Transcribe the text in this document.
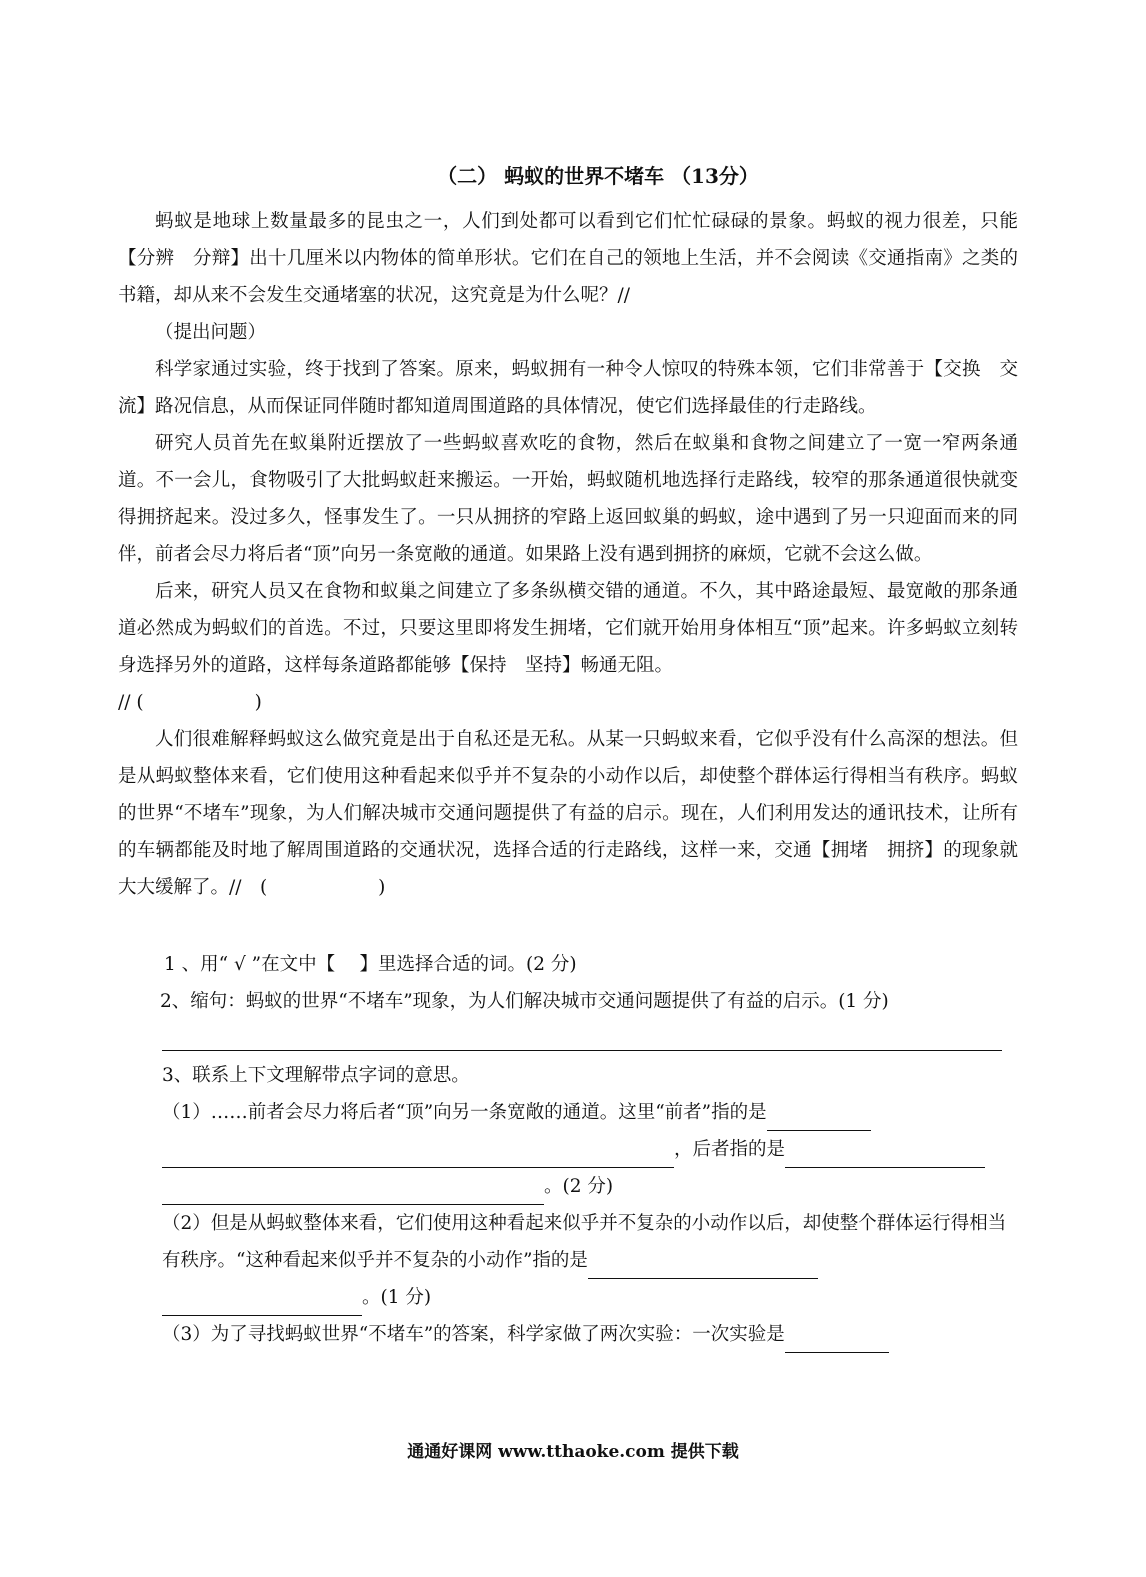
（二） 蚂蚁的世界不堵车 （13分）

蚂蚁是地球上数量最多的昆虫之一，人们到处都可以看到它们忙忙碌碌的景象。蚂蚁的视力很差，只能【分辨　分辩】出十几厘米以内物体的简单形状。它们在自己的领地上生活，并不会阅读《交通指南》之类的书籍，却从来不会发生交通堵塞的状况，这究竟是为什么呢？//

（提出问题）

科学家通过实验，终于找到了答案。原来，蚂蚁拥有一种令人惊叹的特殊本领，它们非常善于【交换　交流】路况信息，从而保证同伴随时都知道周围道路的具体情况，使它们选择最佳的行走路线。

研究人员首先在蚁巢附近摆放了一些蚂蚁喜欢吃的食物，然后在蚁巢和食物之间建立了一宽一窄两条通道。不一会儿，食物吸引了大批蚂蚁赶来搬运。一开始，蚂蚁随机地选择行走路线，较窄的那条通道很快就变得拥挤起来。没过多久，怪事发生了。一只从拥挤的窄路上返回蚁巢的蚂蚁，途中遇到了另一只迎面而来的同伴，前者会尽力将后者“顶”向另一条宽敞的通道。如果路上没有遇到拥挤的麻烦，它就不会这么做。

后来，研究人员又在食物和蚁巢之间建立了多条纵横交错的通道。不久，其中路途最短、最宽敞的那条通道必然成为蚂蚁们的首选。不过，只要这里即将发生拥堵，它们就开始用身体相互“顶”起来。许多蚂蚁立刻转身选择另外的道路，这样每条道路都能够【保持　坚持】畅通无阻。

// (　　　　　　)

人们很难解释蚂蚁这么做究竟是出于自私还是无私。从某一只蚂蚁来看，它似乎没有什么高深的想法。但是从蚂蚁整体来看，它们使用这种看起来似乎并不复杂的小动作以后，却使整个群体运行得相当有秩序。蚂蚁的世界“不堵车”现象，为人们解决城市交通问题提供了有益的启示。现在，人们利用发达的通讯技术，让所有的车辆都能及时地了解周围道路的交通状况，选择合适的行走路线，这样一来，交通【拥堵　拥挤】的现象就大大缓解了。//　(　　　　　　)

1 、用“ √ ”在文中【　 】里选择合适的词。(2 分)

2、缩句：蚂蚁的世界“不堵车”现象，为人们解决城市交通问题提供了有益的启示。(1 分)

3、联系上下文理解带点字词的意思。

（1）……前者会尽力将后者“顶”向另一条宽敞的通道。这里“前者”指的是

，后者指的是

。(2 分)

（2）但是从蚂蚁整体来看，它们使用这种看起来似乎并不复杂的小动作以后，却使整个群体运行得相当有秩序。“这种看起来似乎并不复杂的小动作”指的是

。(1 分)

（3）为了寻找蚂蚁世界“不堵车”的答案，科学家做了两次实验：一次实验是

通通好课网 www.tthaoke.com 提供下载
